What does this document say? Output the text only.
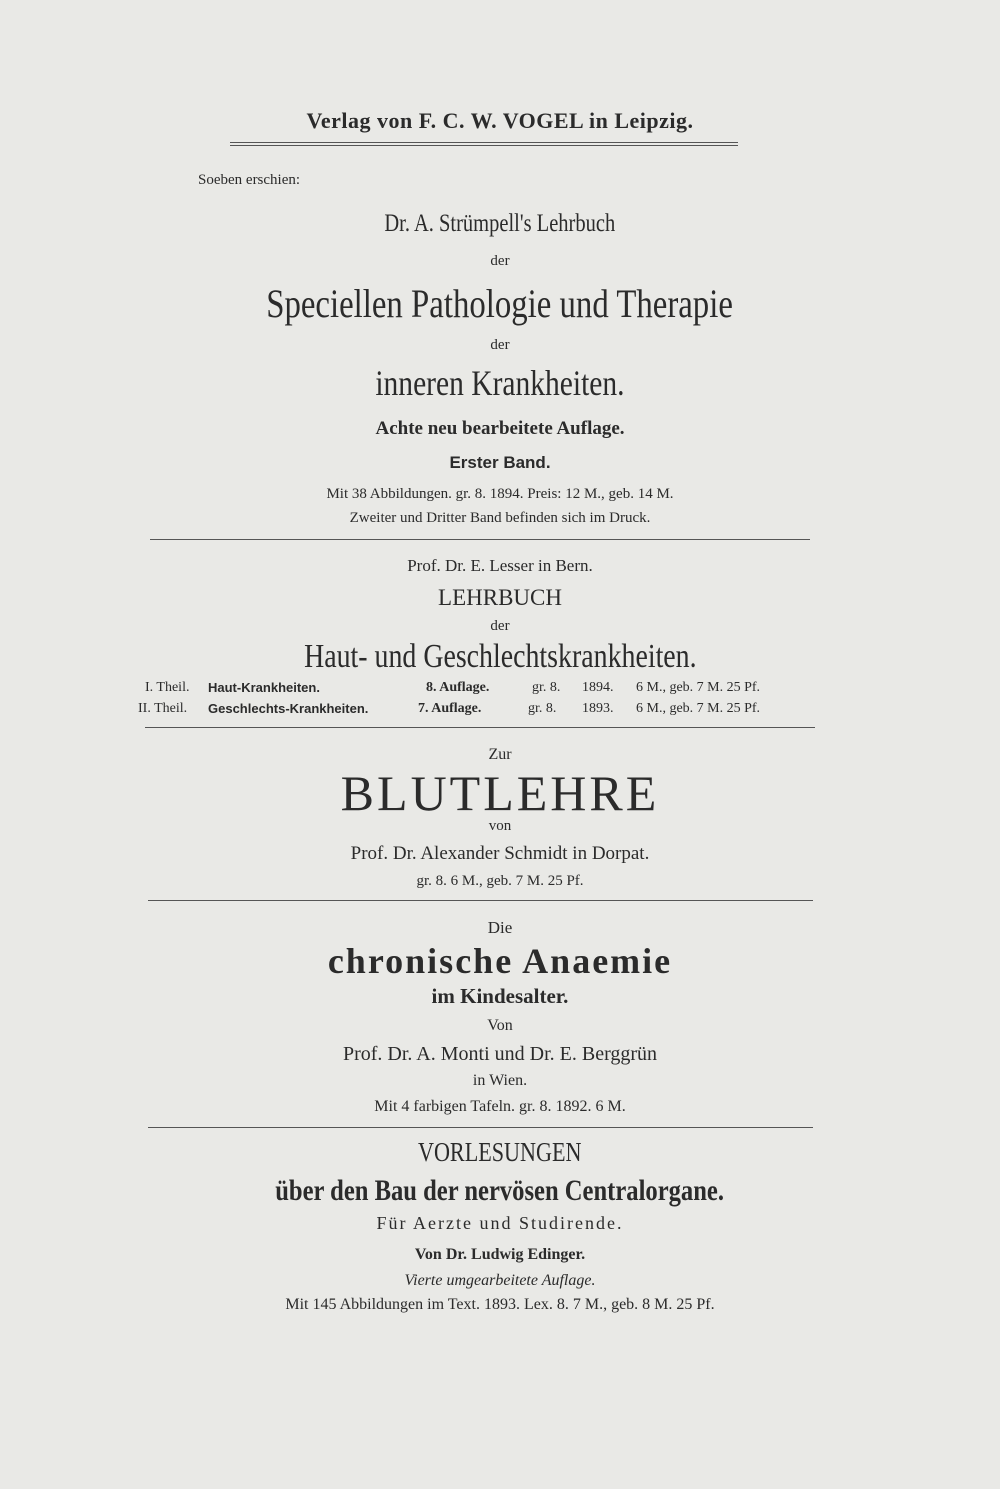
Verlag von F. C. W. VOGEL in Leipzig.
Soeben erschien:
Dr. A. Strümpell's Lehrbuch
der
Speciellen Pathologie und Therapie
der
inneren Krankheiten.
Achte neu bearbeitete Auflage.
Erster Band.
Mit 38 Abbildungen. gr. 8. 1894. Preis: 12 M., geb. 14 M.
Zweiter und Dritter Band befinden sich im Druck.
Prof. Dr. E. Lesser in Bern.
LEHRBUCH
der
Haut- und Geschlechtskrankheiten.
I. Theil. Haut-Krankheiten.	8. Auflage.	gr. 8. 1894. 6 M., geb. 7 M. 25 Pf.
II. Theil. Geschlechts-Krankheiten.	7. Auflage.	gr. 8. 1893. 6 M., geb. 7 M. 25 Pf.
Zur
BLUTLEHRE
von
Prof. Dr. Alexander Schmidt in Dorpat.
gr. 8. 6 M., geb. 7 M. 25 Pf.
Die
chronische Anaemie
im Kindesalter.
Von
Prof. Dr. A. Monti und Dr. E. Berggrün
in Wien.
Mit 4 farbigen Tafeln. gr. 8. 1892. 6 M.
VORLESUNGEN
über den Bau der nervösen Centralorgane.
Für Aerzte und Studirende.
Von Dr. Ludwig Edinger.
Vierte umgearbeitete Auflage.
Mit 145 Abbildungen im Text. 1893. Lex. 8. 7 M., geb. 8 M. 25 Pf.
